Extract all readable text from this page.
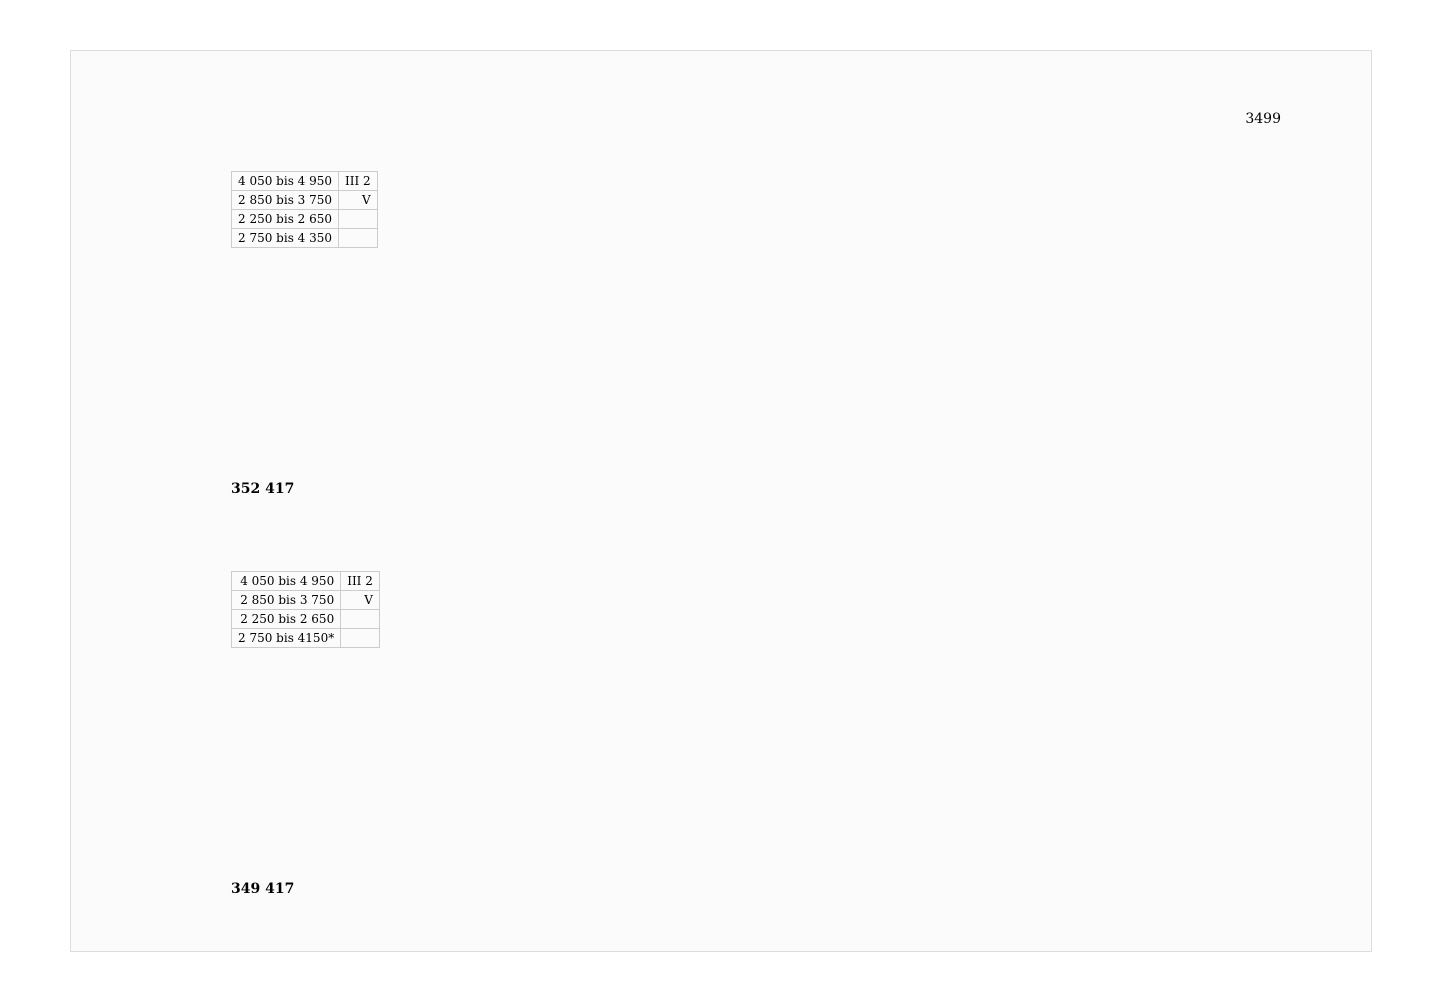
3499
4 050 bis 4 950	III 2
2 850 bis 3 750	V
2 250 bis 2 650	
2 750 bis 4 350	
352 417
4 050 bis 4 950	III 2
2 850 bis 3 750	V
2 250 bis 2 650	
2 750 bis 4150*	
349 417
